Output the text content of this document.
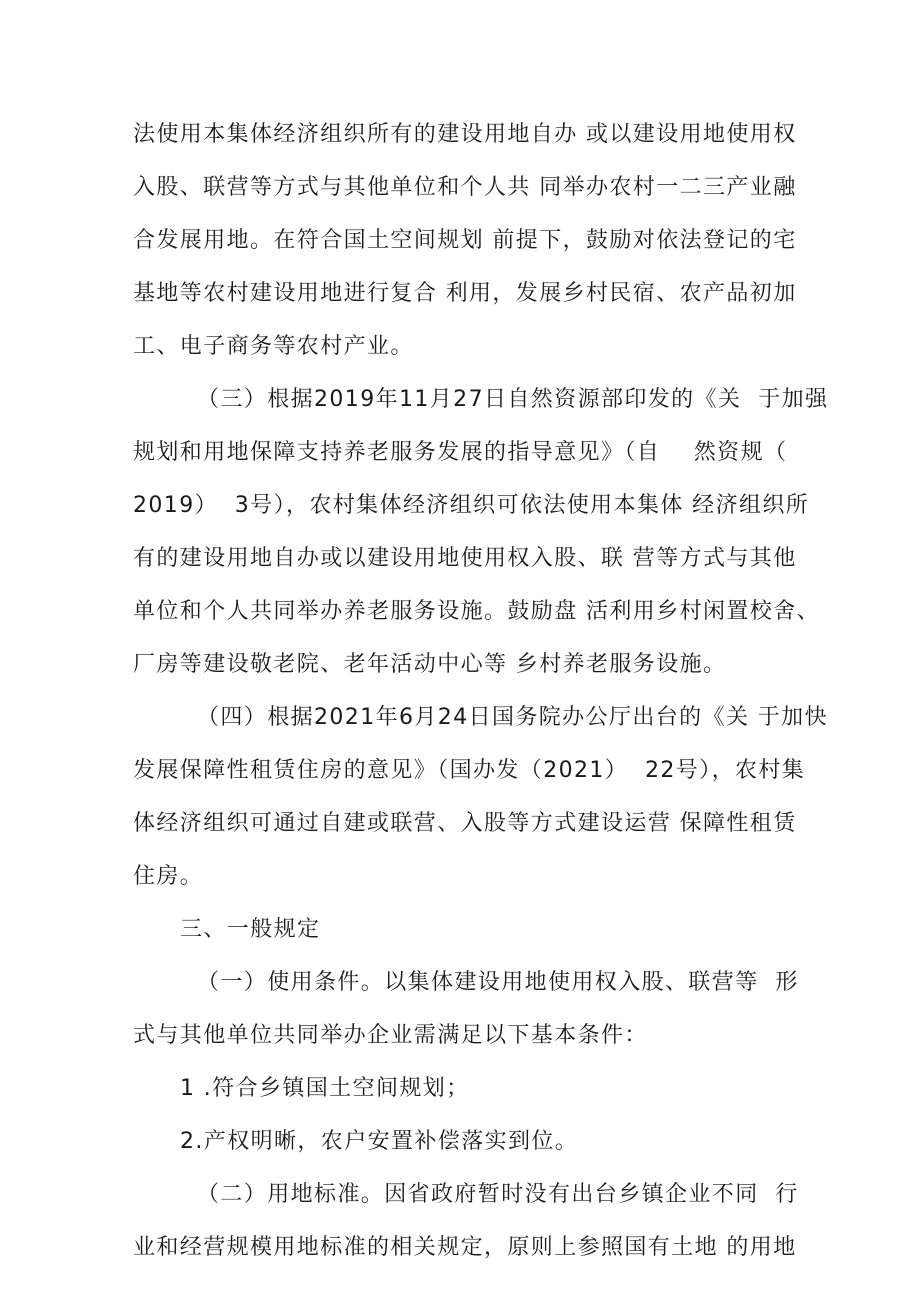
法使用本集体经济组织所有的建设用地自办 或以建设用地使用权
入股、联营等方式与其他单位和个人共 同举办农村一二三产业融
合发展用地。在符合国土空间规划 前提下，鼓励对依法登记的宅
基地等农村建设用地进行复合 利用，发展乡村民宿、农产品初加
工、电子商务等农村产业。
（三）根据2019年11月27日自然资源部印发的《关  于加强
规划和用地保障支持养老服务发展的指导意见》（自    然资规（
2019）  3号），农村集体经济组织可依法使用本集体 经济组织所
有的建设用地自办或以建设用地使用权入股、联 营等方式与其他
单位和个人共同举办养老服务设施。鼓励盘 活利用乡村闲置校舍、
厂房等建设敬老院、老年活动中心等 乡村养老服务设施。
（四）根据2021年6月24日国务院办公厅出台的《关 于加快
发展保障性租赁住房的意见》（国办发（2021）  22号），农村集
体经济组织可通过自建或联营、入股等方式建设运营 保障性租赁
住房。
三、一般规定
（一）使用条件。以集体建设用地使用权入股、联营等  形
式与其他单位共同举办企业需满足以下基本条件：
1 .符合乡镇国土空间规划；
2.产权明晰，农户安置补偿落实到位。
（二）用地标准。因省政府暂时没有出台乡镇企业不同  行
业和经营规模用地标准的相关规定，原则上参照国有土地 的用地
